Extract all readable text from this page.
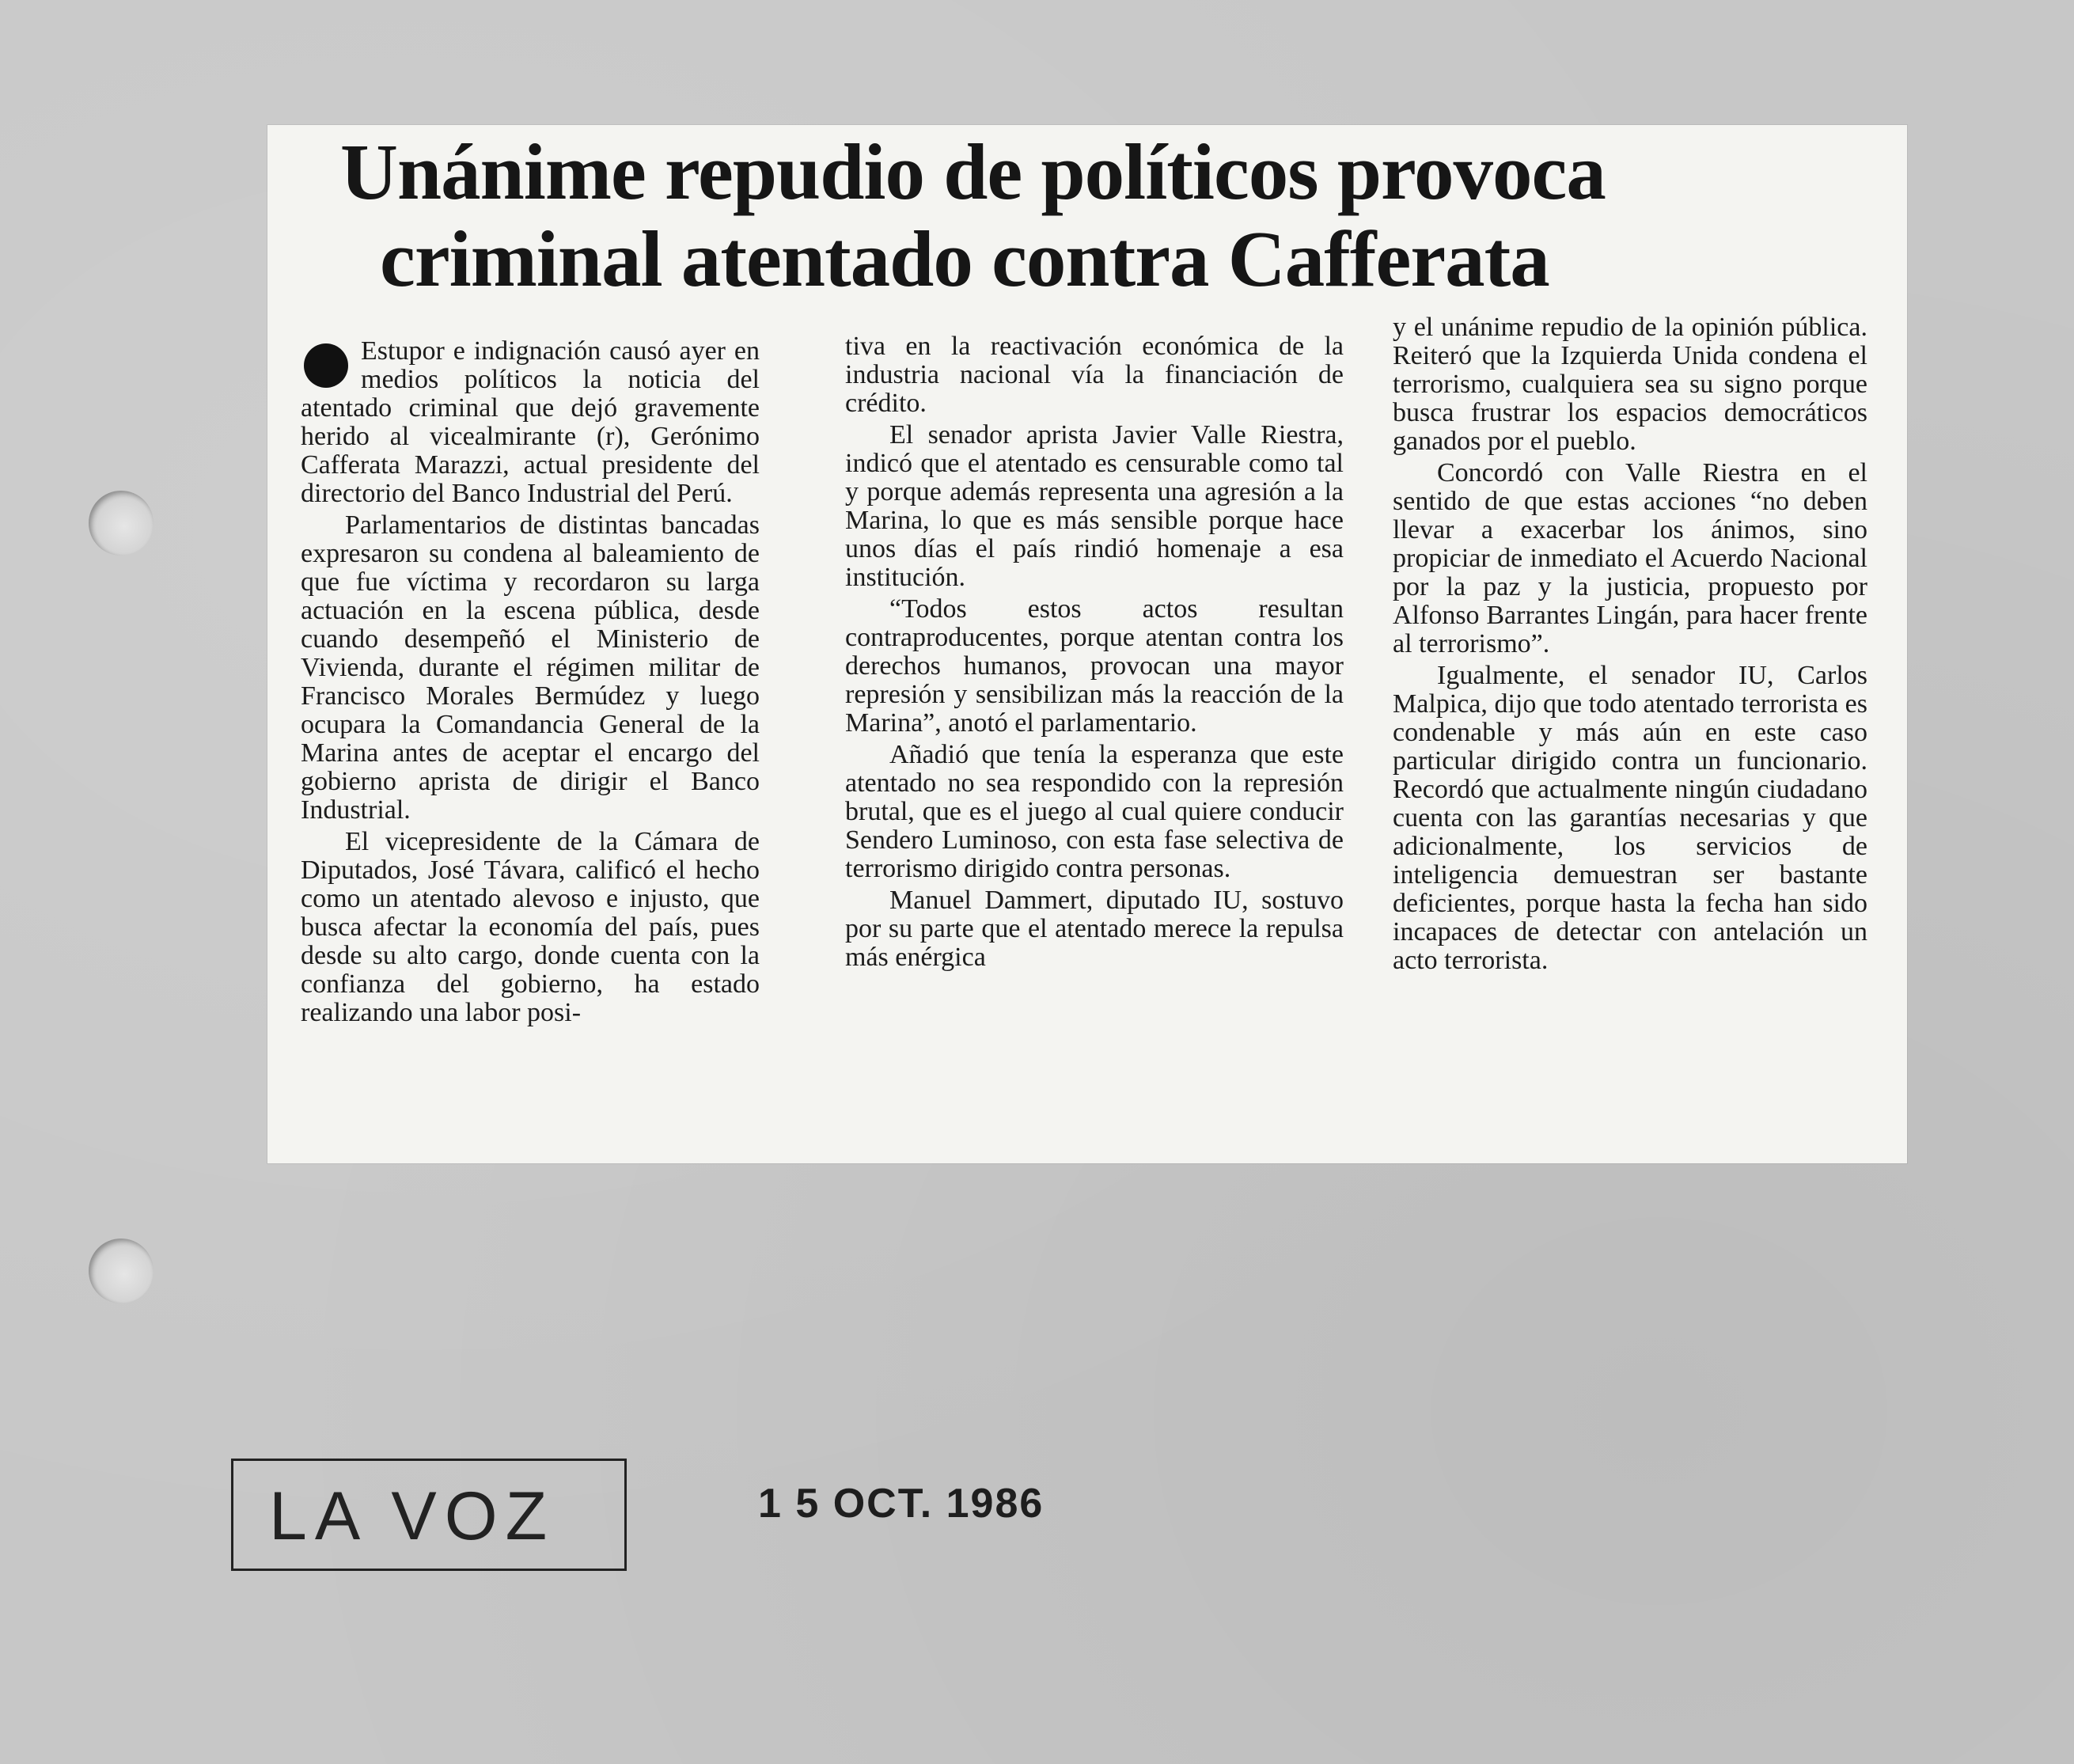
Unánime repudio de políticos provoca
criminal atentado contra Cafferata

Estupor e indignación causó ayer en medios políticos la noticia del atentado criminal que dejó gravemente herido al vicealmirante (r), Gerónimo Cafferata Marazzi, actual presidente del directorio del Banco Industrial del Perú.

Parlamentarios de distintas bancadas expresaron su condena al baleamiento de que fue víctima y recordaron su larga actuación en la escena pública, desde cuando desempeñó el Ministerio de Vivienda, durante el régimen militar de Francisco Morales Bermúdez y luego ocupara la Comandancia General de la Marina antes de aceptar el encargo del gobierno aprista de dirigir el Banco Industrial.

El vicepresidente de la Cámara de Diputados, José Távara, calificó el hecho como un atentado alevoso e injusto, que busca afectar la economía del país, pues desde su alto cargo, donde cuenta con la confianza del gobierno, ha estado realizando una labor posi-

tiva en la reactivación económica de la industria nacional vía la financiación de crédito.

El senador aprista Javier Valle Riestra, indicó que el atentado es censurable como tal y porque además representa una agresión a la Marina, lo que es más sensible porque hace unos días el país rindió homenaje a esa institución.

“Todos estos actos resultan contraproducentes, porque atentan contra los derechos humanos, provocan una mayor represión y sensibilizan más la reacción de la Marina”, anotó el parlamentario.

Añadió que tenía la esperanza que este atentado no sea respondido con la represión brutal, que es el juego al cual quiere conducir Sendero Luminoso, con esta fase selectiva de terrorismo dirigido contra personas.

Manuel Dammert, diputado IU, sostuvo por su parte que el atentado merece la repulsa más enérgica

y el unánime repudio de la opinión pública. Reiteró que la Izquierda Unida condena el terrorismo, cualquiera sea su signo porque busca frustrar los espacios democráticos ganados por el pueblo.

Concordó con Valle Riestra en el sentido de que estas acciones “no deben llevar a exacerbar los ánimos, sino propiciar de inmediato el Acuerdo Nacional por la paz y la justicia, propuesto por Alfonso Barrantes Lingán, para hacer frente al terrorismo”.

Igualmente, el senador IU, Carlos Malpica, dijo que todo atentado terrorista es condenable y más aún en este caso particular dirigido contra un funcionario. Recordó que actualmente ningún ciudadano cuenta con las garantías necesarias y que adicionalmente, los servicios de inteligencia demuestran ser bastante deficientes, porque hasta la fecha han sido incapaces de detectar con antelación un acto terrorista.

LA VOZ	1 5 OCT. 1986
